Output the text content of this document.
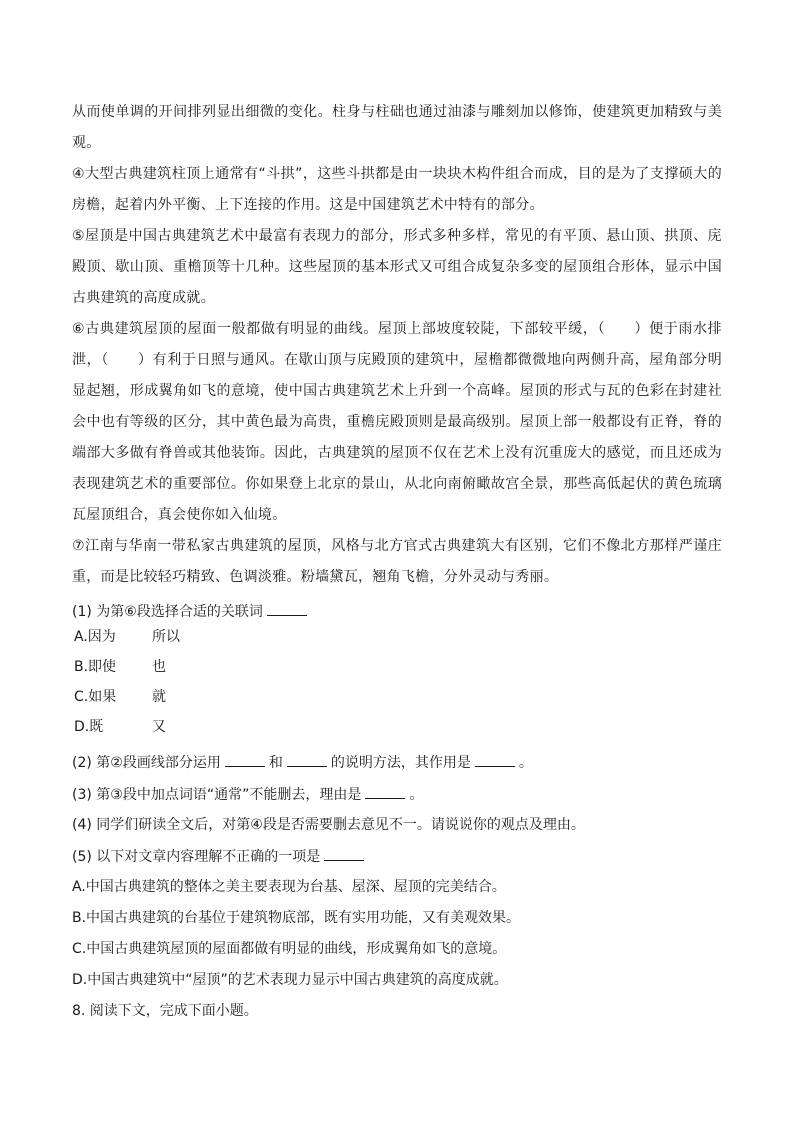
从而使单调的开间排列显出细微的变化。柱身与柱础也通过油漆与雕刻加以修饰，使建筑更加精致与美观。
④大型古典建筑柱顶上通常有“斗拱”，这些斗拱都是由一块块木构件组合而成，目的是为了支撑硕大的房檐，起着内外平衡、上下连接的作用。这是中国建筑艺术中特有的部分。
⑤屋顶是中国古典建筑艺术中最富有表现力的部分，形式多种多样，常见的有平顶、悬山顶、拱顶、庑殿顶、歇山顶、重檐顶等十几种。这些屋顶的基本形式又可组合成复杂多变的屋顶组合形体，显示中国古典建筑的高度成就。
⑥古典建筑屋顶的屋面一般都做有明显的曲线。屋顶上部坡度较陡，下部较平缓，（　　）便于雨水排泄，（　　）有利于日照与通风。在歇山顶与庑殿顶的建筑中，屋檐都微微地向两侧升高，屋角部分明显起翘，形成翼角如飞的意境，使中国古典建筑艺术上升到一个高峰。屋顶的形式与瓦的色彩在封建社会中也有等级的区分，其中黄色最为高贵，重檐庑殿顶则是最高级别。屋顶上部一般都设有正脊，脊的端部大多做有脊兽或其他装饰。因此，古典建筑的屋顶不仅在艺术上没有沉重庞大的感觉，而且还成为表现建筑艺术的重要部位。你如果登上北京的景山，从北向南俯瞰故宫全景，那些高低起伏的黄色琉璃瓦屋顶组合，真会使你如入仙境。
⑦江南与华南一带私家古典建筑的屋顶，风格与北方官式古典建筑大有区别，它们不像北方那样严谨庄重，而是比较轻巧精致、色调淡雅。粉墙黛瓦，翘角飞檐，分外灵动与秀丽。
(1) 为第⑥段选择合适的关联词
A.因为	所以
B.即使	也
C.如果	就
D.既	又
(2) 第②段画线部分运用	和	的说明方法，其作用是	。
(3) 第③段中加点词语“通常”不能删去，理由是	。
(4) 同学们研读全文后，对第④段是否需要删去意见不一。请说说你的观点及理由。
(5) 以下对文章内容理解不正确的一项是
A.中国古典建筑的整体之美主要表现为台基、屋深、屋顶的完美结合。
B.中国古典建筑的台基位于建筑物底部，既有实用功能，又有美观效果。
C.中国古典建筑屋顶的屋面都做有明显的曲线，形成翼角如飞的意境。
D.中国古典建筑中“屋顶”的艺术表现力显示中国古典建筑的高度成就。
8. 阅读下文，完成下面小题。
